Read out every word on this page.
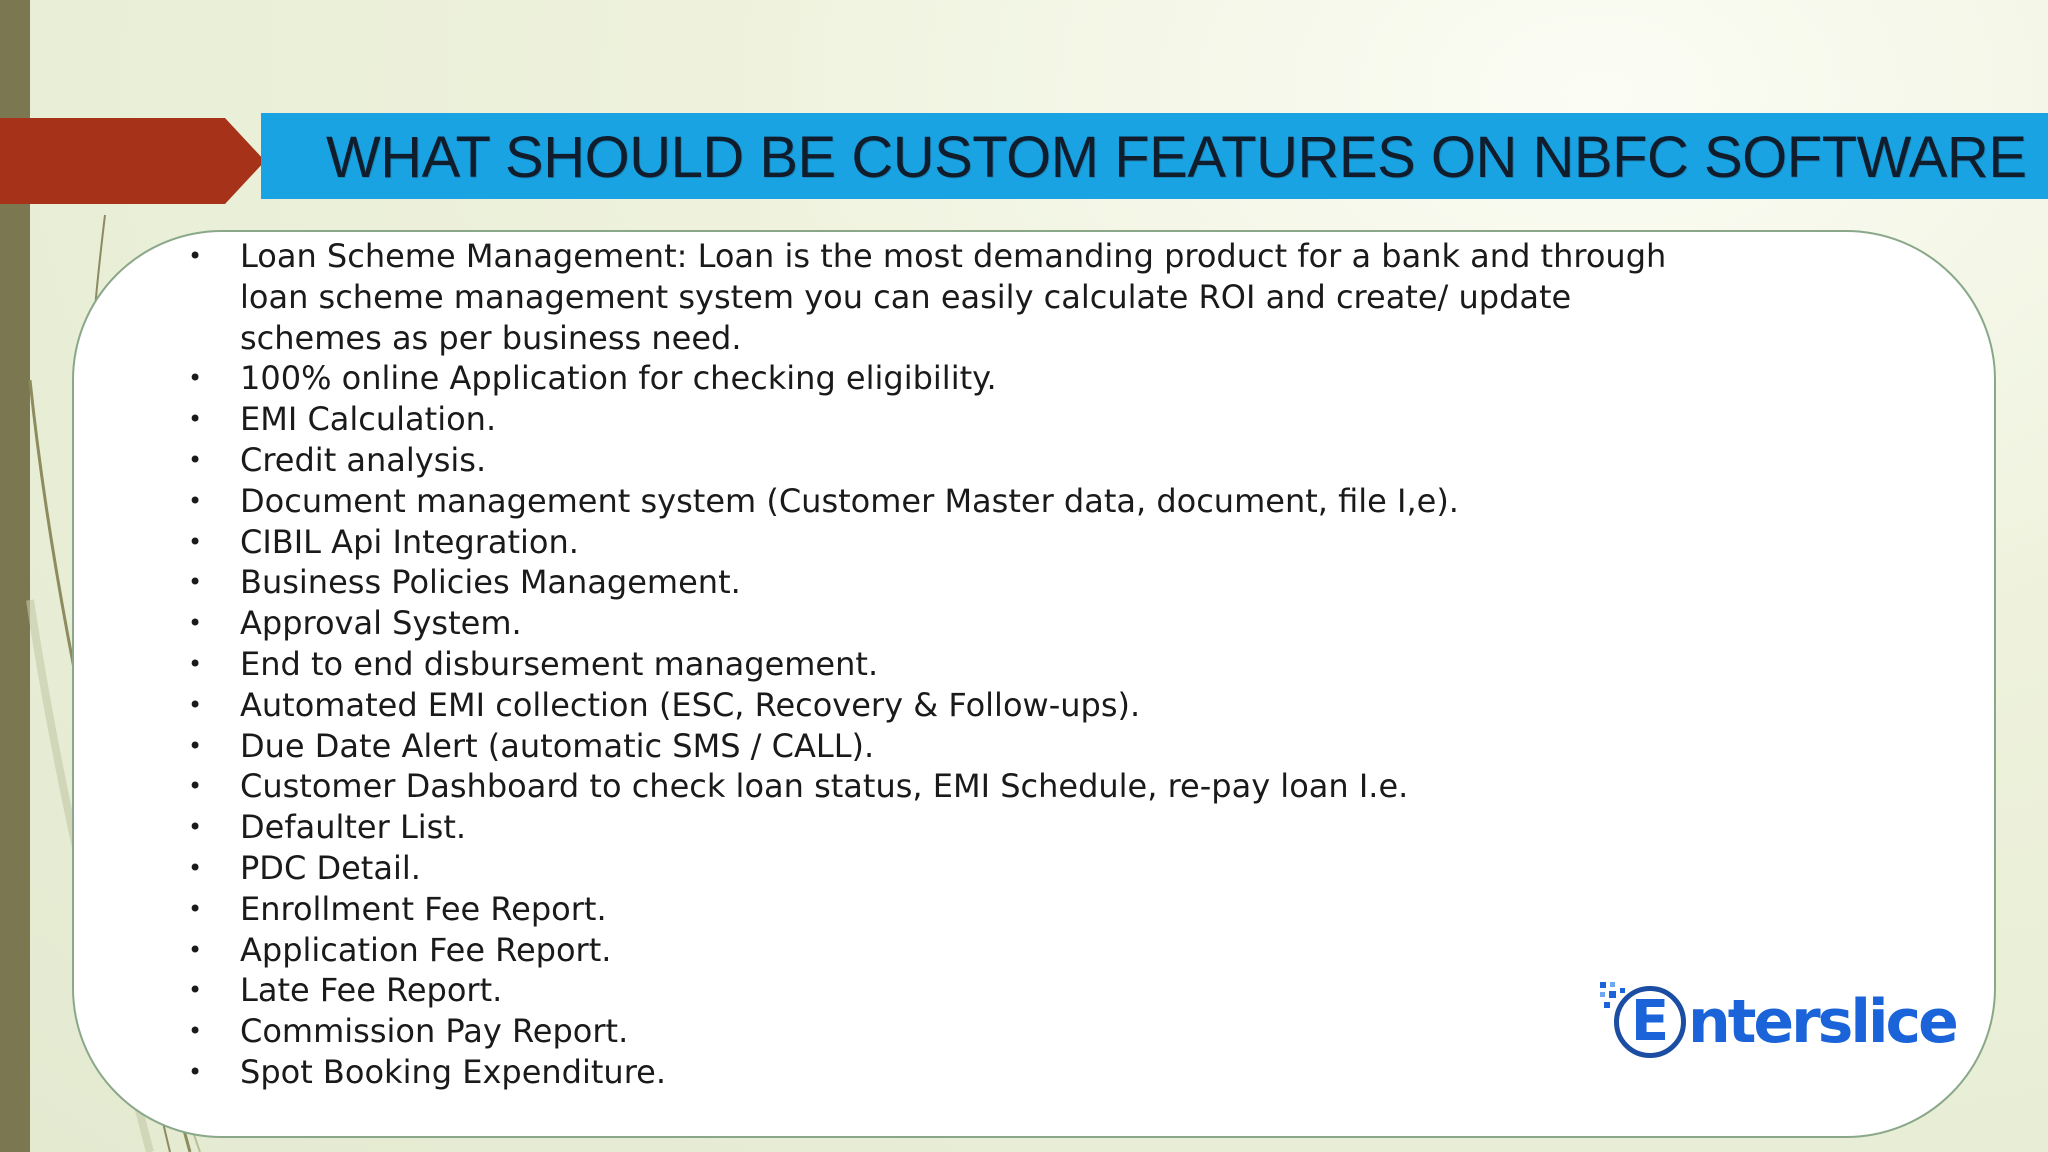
WHAT SHOULD BE CUSTOM FEATURES ON NBFC SOFTWARE
• Loan Scheme Management: Loan is the most demanding product for a bank and through loan scheme management system you can easily calculate ROI and create/ update schemes as per business need.
• 100% online Application for checking eligibility.
• EMI Calculation.
• Credit analysis.
• Document management system (Customer Master data, document, file I,e).
• CIBIL Api Integration.
• Business Policies Management.
• Approval System.
• End to end disbursement management.
• Automated EMI collection (ESC, Recovery & Follow-ups).
• Due Date Alert (automatic SMS / CALL).
• Customer Dashboard to check loan status, EMI Schedule, re-pay loan I.e.
• Defaulter List.
• PDC Detail.
• Enrollment Fee Report.
• Application Fee Report.
• Late Fee Report.
• Commission Pay Report.
• Spot Booking Expenditure.
E nterslice
